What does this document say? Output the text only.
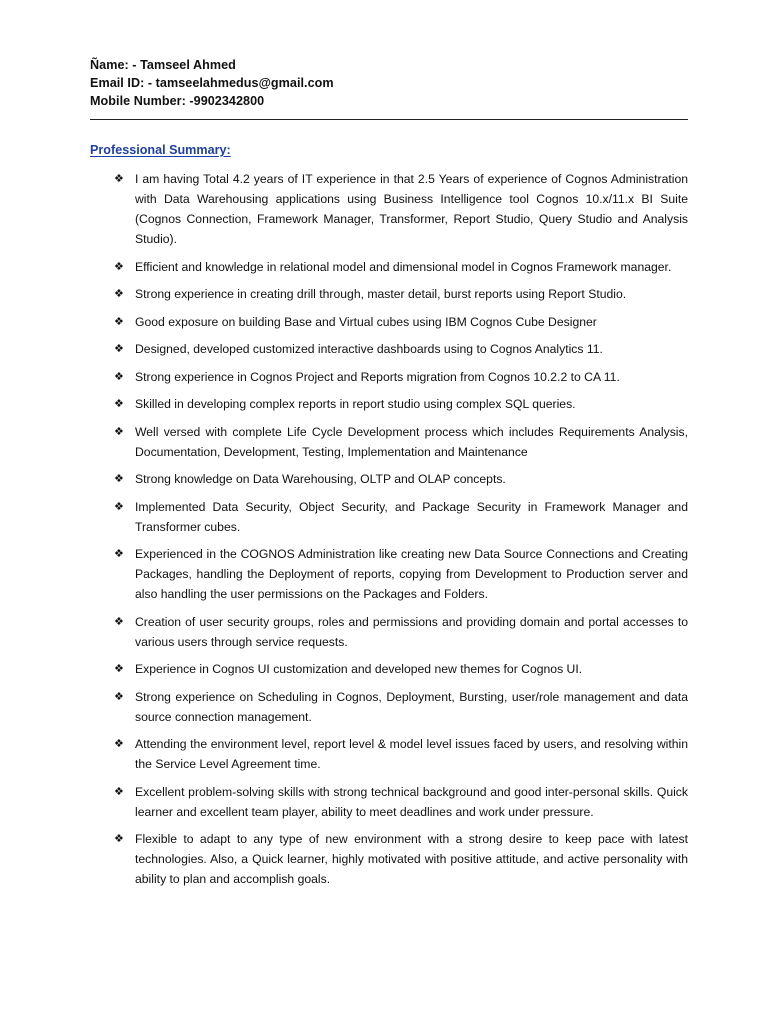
Ñame: - Tamseel Ahmed
Email ID: - tamseelahmedus@gmail.com
Mobile Number: -9902342800
Professional Summary:
❖ I am having Total 4.2 years of IT experience in that 2.5 Years of experience of Cognos Administration with Data Warehousing applications using Business Intelligence tool Cognos 10.x/11.x BI Suite (Cognos Connection, Framework Manager, Transformer, Report Studio, Query Studio and Analysis Studio).
❖ Efficient and knowledge in relational model and dimensional model in Cognos Framework manager.
❖ Strong experience in creating drill through, master detail, burst reports using Report Studio.
❖ Good exposure on building Base and Virtual cubes using IBM Cognos Cube Designer
❖ Designed, developed customized interactive dashboards using to Cognos Analytics 11.
❖ Strong experience in Cognos Project and Reports migration from Cognos 10.2.2 to CA 11.
❖ Skilled in developing complex reports in report studio using complex SQL queries.
❖ Well versed with complete Life Cycle Development process which includes Requirements Analysis, Documentation, Development, Testing, Implementation and Maintenance
❖ Strong knowledge on Data Warehousing, OLTP and OLAP concepts.
❖ Implemented Data Security, Object Security, and Package Security in Framework Manager and Transformer cubes.
❖ Experienced in the COGNOS Administration like creating new Data Source Connections and Creating Packages, handling the Deployment of reports, copying from Development to Production server and also handling the user permissions on the Packages and Folders.
❖ Creation of user security groups, roles and permissions and providing domain and portal accesses to various users through service requests.
❖ Experience in Cognos UI customization and developed new themes for Cognos UI.
❖ Strong experience on Scheduling in Cognos, Deployment, Bursting, user/role management and data source connection management.
❖ Attending the environment level, report level & model level issues faced by users, and resolving within the Service Level Agreement time.
❖ Excellent problem-solving skills with strong technical background and good inter-personal skills. Quick learner and excellent team player, ability to meet deadlines and work under pressure.
❖ Flexible to adapt to any type of new environment with a strong desire to keep pace with latest technologies. Also, a Quick learner, highly motivated with positive attitude, and active personality with ability to plan and accomplish goals.
